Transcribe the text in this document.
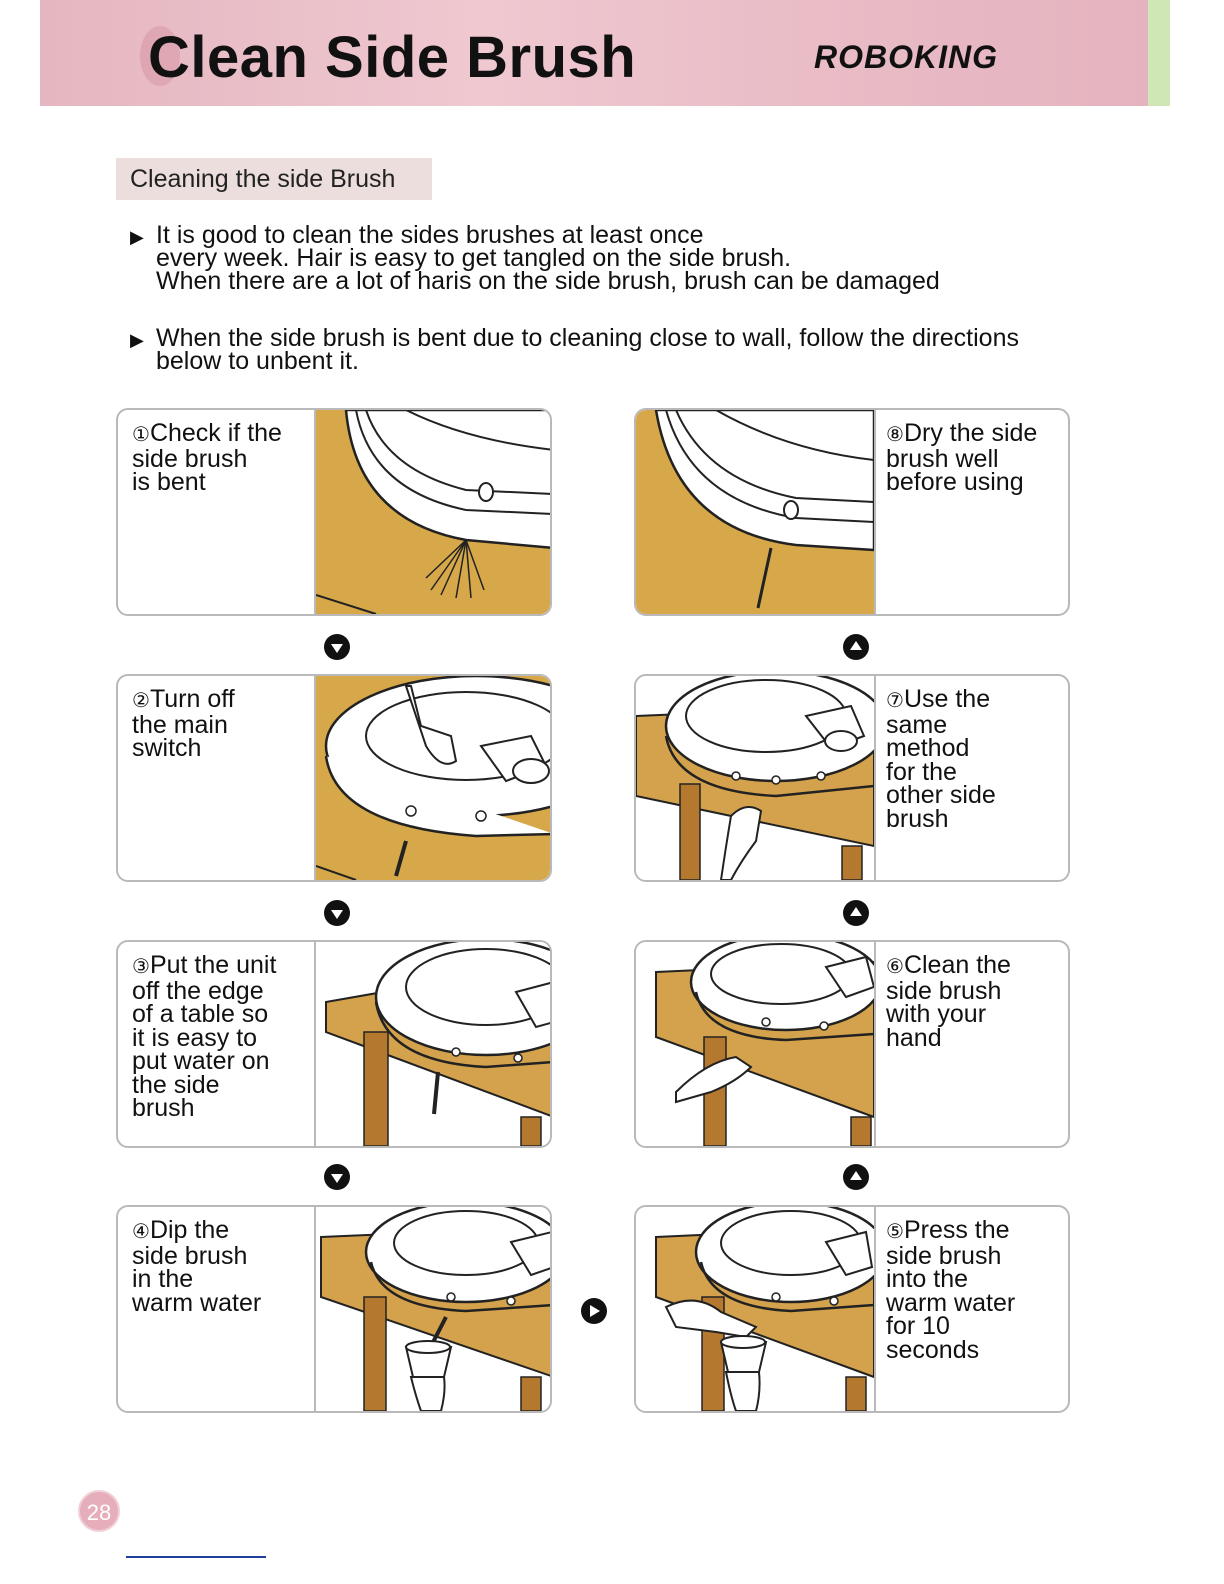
Clean Side Brush	ROBOKING
Cleaning the side Brush
▶ It is good to clean the sides brushes at least once
every week. Hair is easy to get tangled on the side brush.
When there are a lot of haris on the side brush, brush can be damaged
▶ When the side brush is bent due to cleaning close to wall, follow the directions
below to unbent it.
①Check if the
side brush
is bent
⑧Dry the side
brush well
before using
②Turn off
the main
switch
⑦Use the
same
method
for the
other side
brush
③Put the unit
off the edge
of a table so
it is easy to
put water on
the side
brush
⑥Clean the
side brush
with your
hand
④Dip the
side brush
in the
warm water
⑤Press the
side brush
into the
warm water
for 10
seconds
28
